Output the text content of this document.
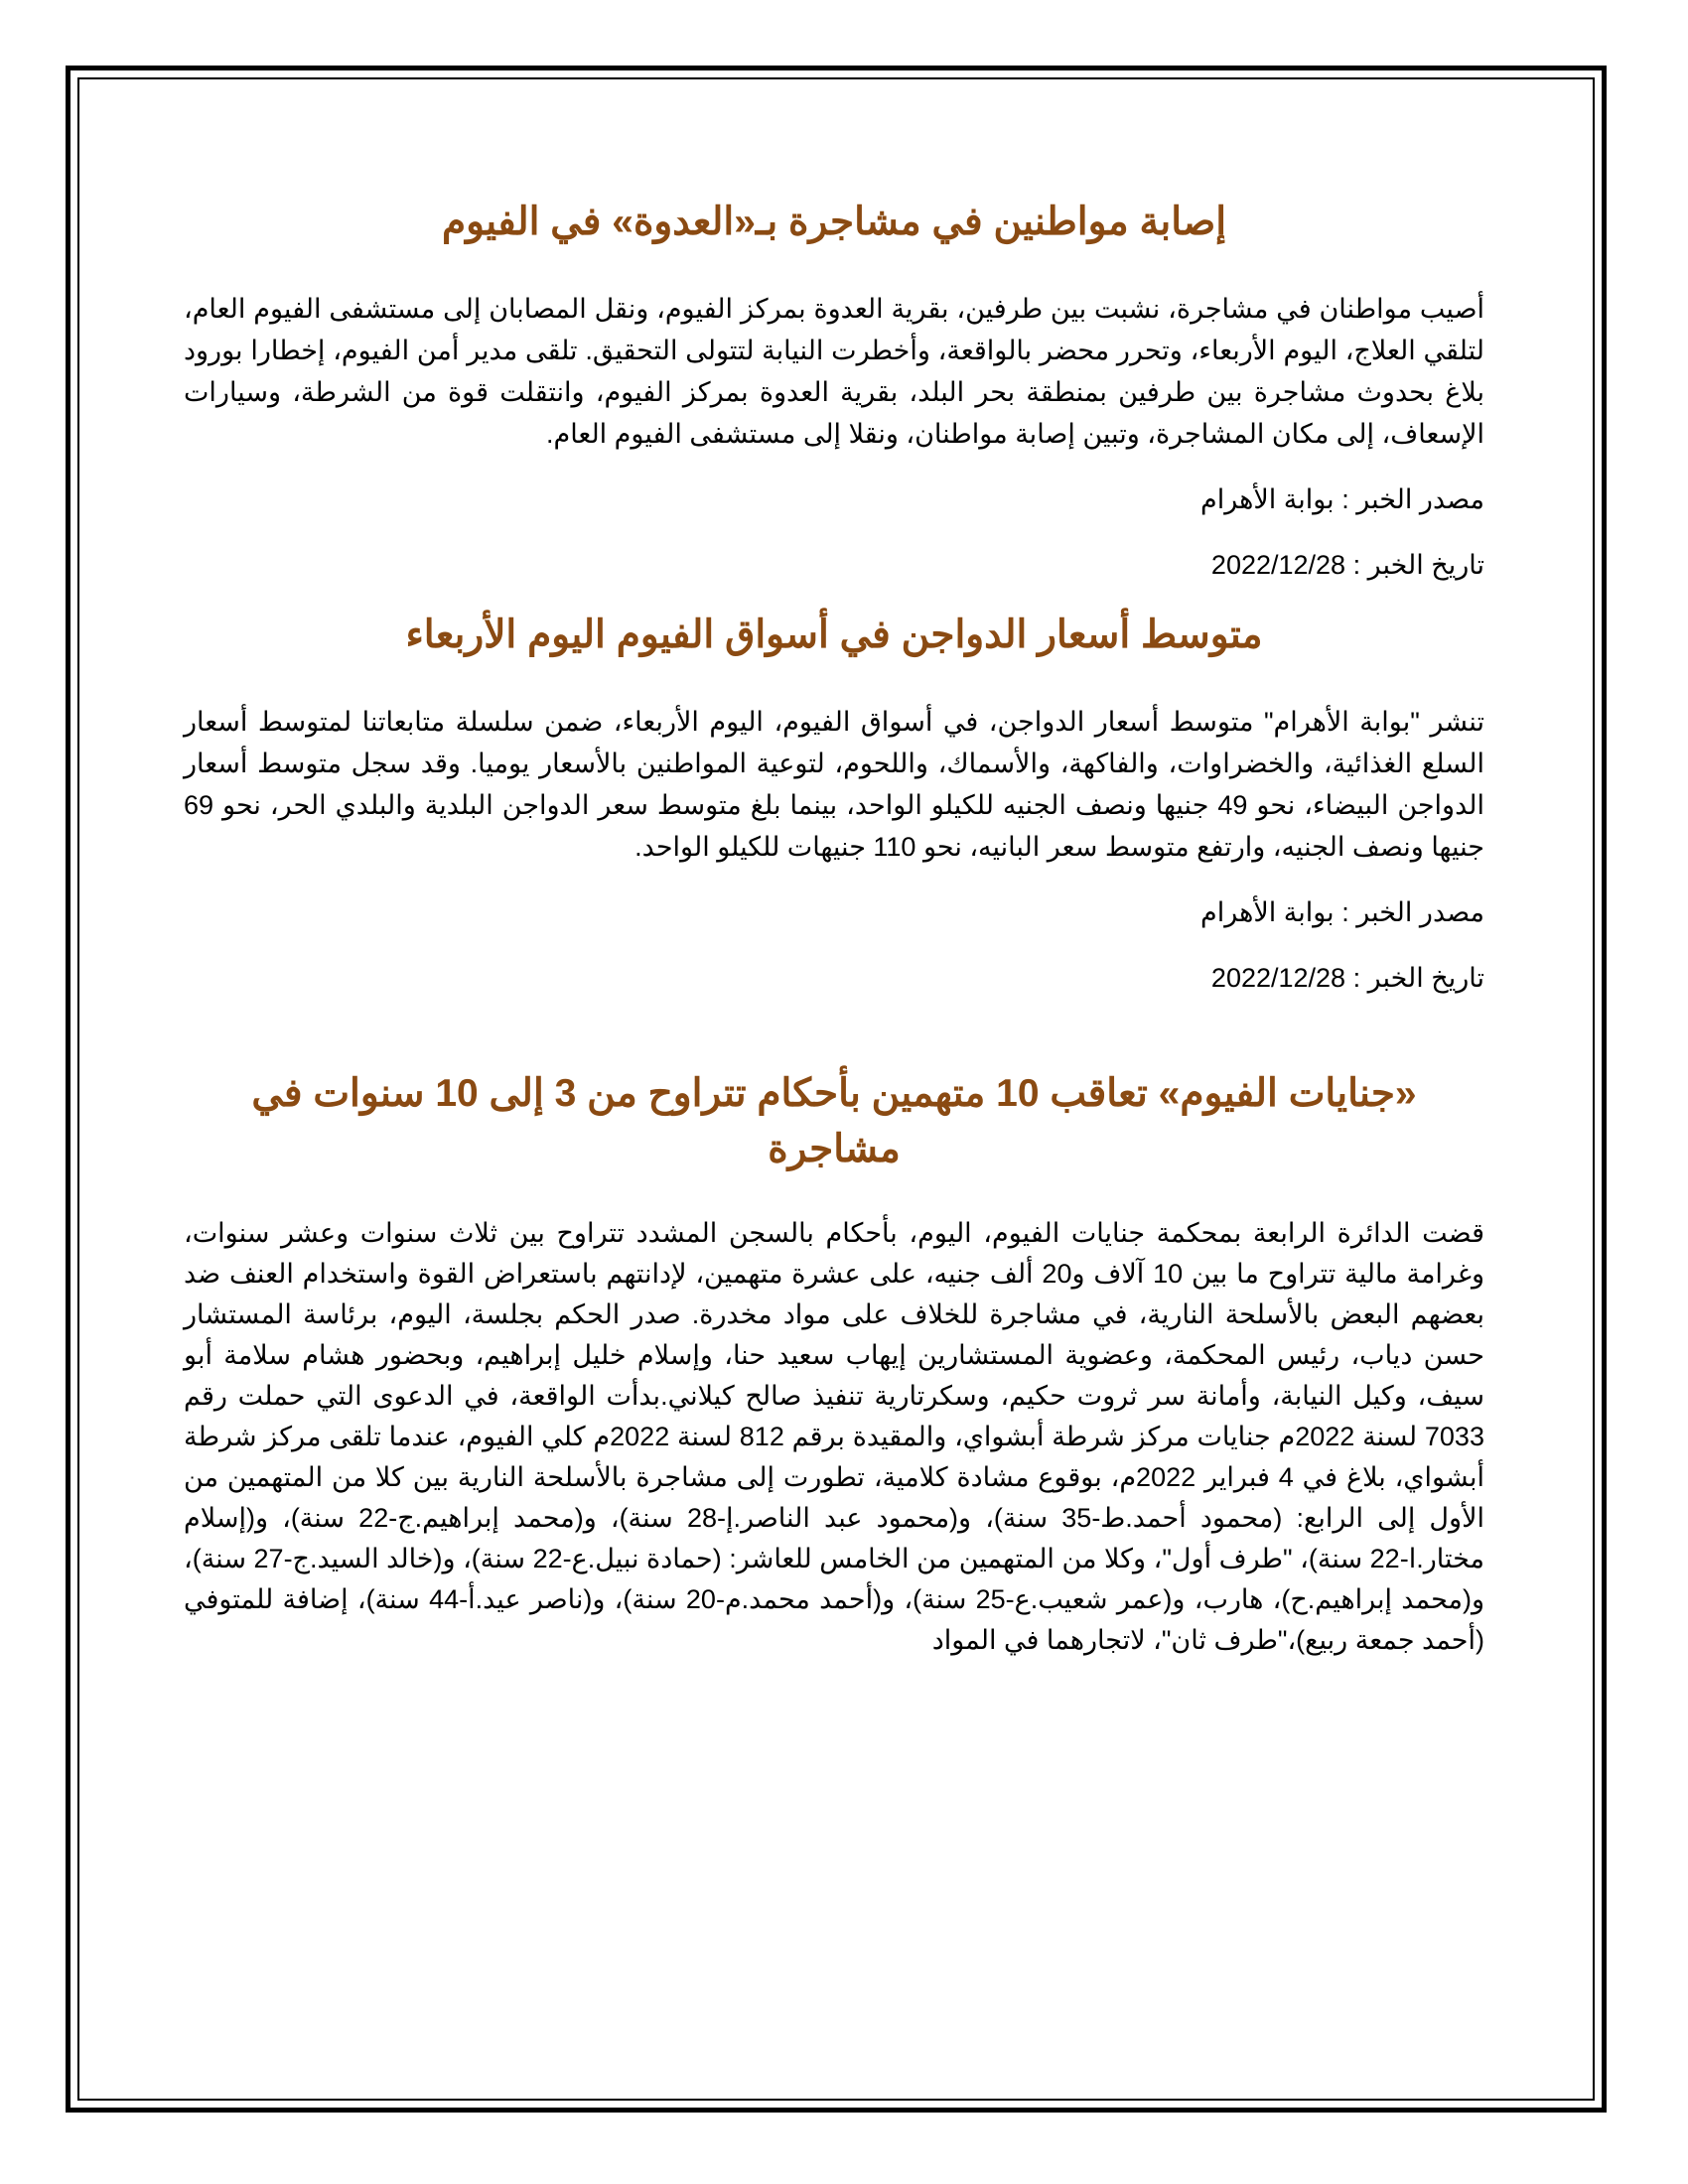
إصابة مواطنين في مشاجرة بـ«العدوة» في الفيوم

أصيب مواطنان في مشاجرة، نشبت بين طرفين، بقرية العدوة بمركز الفيوم، ونقل المصابان إلى مستشفى الفيوم العام، لتلقي العلاج، اليوم الأربعاء، وتحرر محضر بالواقعة، وأخطرت النيابة لتتولى التحقيق. تلقى مدير أمن الفيوم، إخطارا بورود بلاغ بحدوث مشاجرة بين طرفين بمنطقة بحر البلد، بقرية العدوة بمركز الفيوم، وانتقلت قوة من الشرطة، وسيارات الإسعاف، إلى مكان المشاجرة، وتبين إصابة مواطنان، ونقلا إلى مستشفى الفيوم العام.

مصدر الخبر : بوابة الأهرام

تاريخ الخبر : 2022/12/28

متوسط أسعار الدواجن في أسواق الفيوم اليوم الأربعاء

تنشر "بوابة الأهرام" متوسط أسعار الدواجن، في أسواق الفيوم، اليوم الأربعاء، ضمن سلسلة متابعاتنا لمتوسط أسعار السلع الغذائية، والخضراوات، والفاكهة، والأسماك، واللحوم، لتوعية المواطنين بالأسعار يوميا. وقد سجل متوسط أسعار الدواجن البيضاء، نحو 49 جنيها ونصف الجنيه للكيلو الواحد، بينما بلغ متوسط سعر الدواجن البلدية والبلدي الحر، نحو 69 جنيها ونصف الجنيه، وارتفع متوسط سعر البانيه، نحو 110 جنيهات للكيلو الواحد.

مصدر الخبر : بوابة الأهرام

تاريخ الخبر : 2022/12/28

«جنايات الفيوم» تعاقب 10 متهمين بأحكام تتراوح من 3 إلى 10 سنوات في مشاجرة

قضت الدائرة الرابعة بمحكمة جنايات الفيوم، اليوم، بأحكام بالسجن المشدد تتراوح بين ثلاث سنوات وعشر سنوات، وغرامة مالية تتراوح ما بين 10 آلاف و20 ألف جنيه، على عشرة متهمين، لإدانتهم باستعراض القوة واستخدام العنف ضد بعضهم البعض بالأسلحة النارية، في مشاجرة للخلاف على مواد مخدرة. صدر الحكم بجلسة، اليوم، برئاسة المستشار حسن دياب، رئيس المحكمة، وعضوية المستشارين إيهاب سعيد حنا، وإسلام خليل إبراهيم، وبحضور هشام سلامة أبو سيف، وكيل النيابة، وأمانة سر ثروت حكيم، وسكرتارية تنفيذ صالح كيلاني.بدأت الواقعة، في الدعوى التي حملت رقم 7033 لسنة 2022م جنايات مركز شرطة أبشواي، والمقيدة برقم 812 لسنة 2022م كلي الفيوم، عندما تلقى مركز شرطة أبشواي، بلاغ في 4 فبراير 2022م، بوقوع مشادة كلامية، تطورت إلى مشاجرة بالأسلحة النارية بين كلا من المتهمين من الأول إلى الرابع: (محمود أحمد.ط-35 سنة)، و(محمود عبد الناصر.إ-28 سنة)، و(محمد إبراهيم.ج-22 سنة)، و(إسلام مختار.ا-22 سنة)، "طرف أول"، وكلا من المتهمين من الخامس للعاشر: (حمادة نبيل.ع-22 سنة)، و(خالد السيد.ج-27 سنة)، و(محمد إبراهيم.ح)، هارب، و(عمر شعيب.ع-25 سنة)، و(أحمد محمد.م-20 سنة)، و(ناصر عيد.أ-44 سنة)، إضافة للمتوفي (أحمد جمعة ربيع)،"طرف ثان"، لاتجارهما في المواد
